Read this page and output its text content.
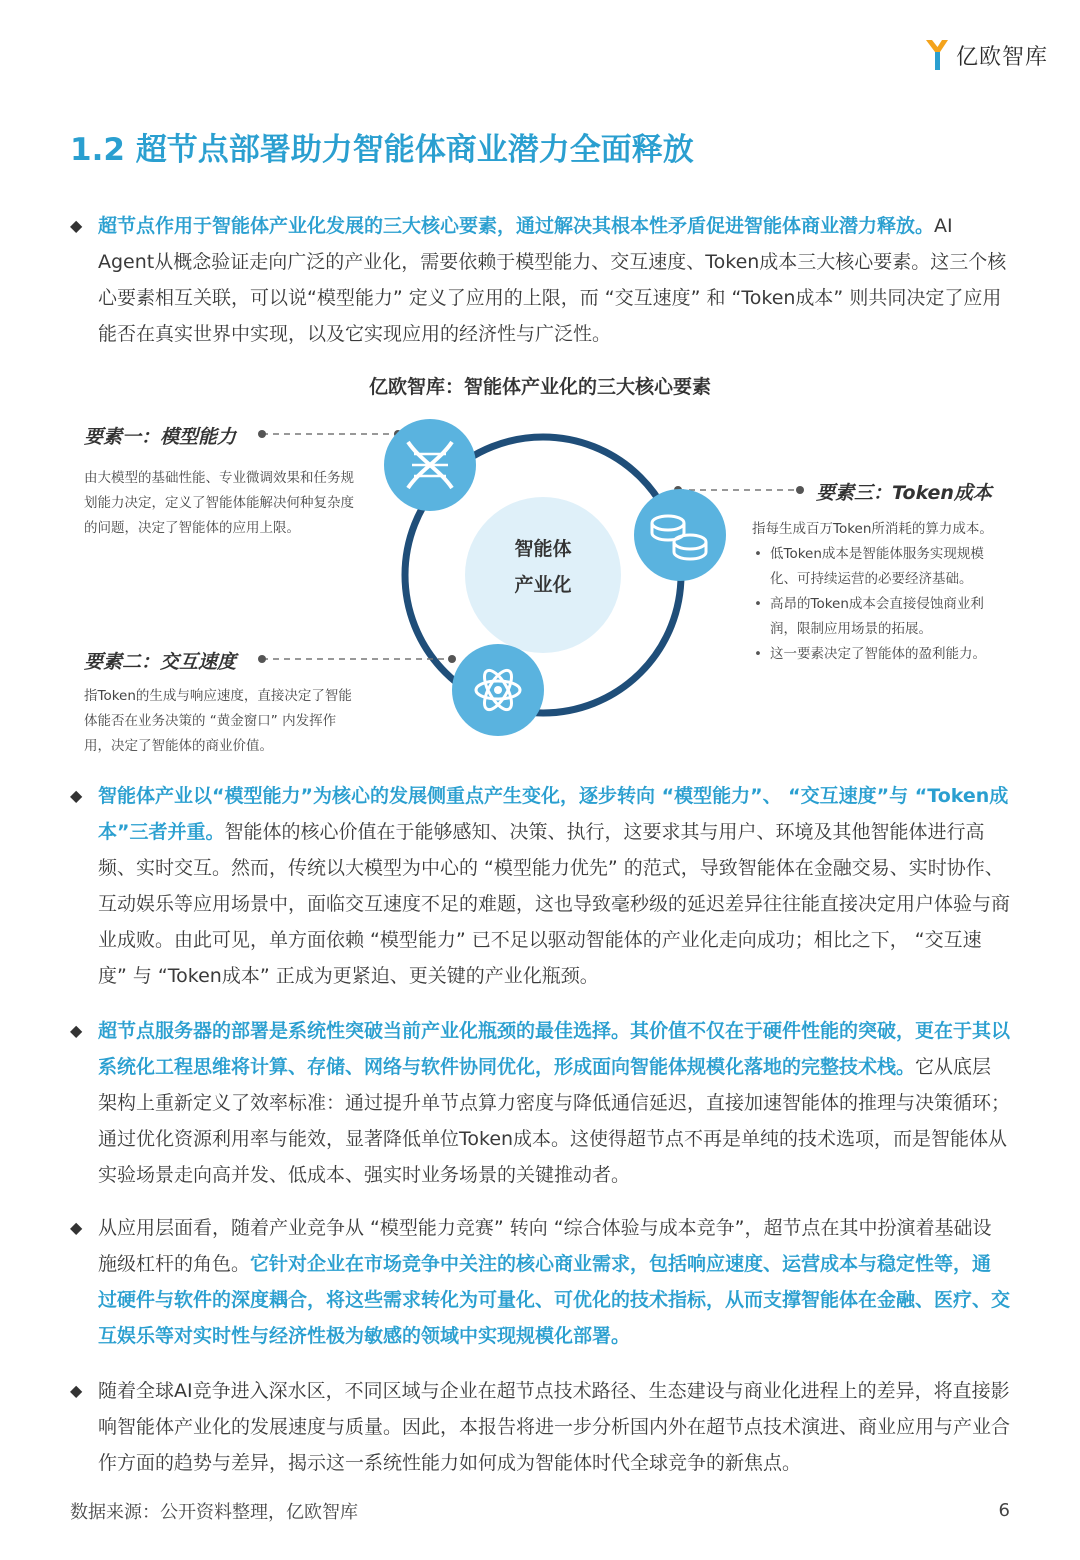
亿欧智库
1.2 超节点部署助力智能体商业潜力全面释放
◆ 超节点作用于智能体产业化发展的三大核心要素，通过解决其根本性矛盾促进智能体商业潜力释放。AI Agent从概念验证走向广泛的产业化，需要依赖于模型能力、交互速度、Token成本三大核心要素。这三个核心要素相互关联，可以说“模型能力” 定义了应用的上限，而 “交互速度” 和 “Token成本” 则共同决定了应用能否在真实世界中实现，以及它实现应用的经济性与广泛性。
亿欧智库：智能体产业化的三大核心要素
智能体
产业化
要素一：模型能力
由大模型的基础性能、专业微调效果和任务规划能力决定，定义了智能体能解决何种复杂度的问题，决定了智能体的应用上限。
要素三：Token成本
指每生成百万Token所消耗的算力成本。
• 低Token成本是智能体服务实现规模化、可持续运营的必要经济基础。
• 高昂的Token成本会直接侵蚀商业利润，限制应用场景的拓展。
• 这一要素决定了智能体的盈利能力。
要素二：交互速度
指Token的生成与响应速度，直接决定了智能体能否在业务决策的 “黄金窗口” 内发挥作用，决定了智能体的商业价值。
◆ 智能体产业以“模型能力”为核心的发展侧重点产生变化，逐步转向 “模型能力”、 “交互速度”与 “Token成本”三者并重。智能体的核心价值在于能够感知、决策、执行，这要求其与用户、环境及其他智能体进行高频、实时交互。然而，传统以大模型为中心的 “模型能力优先” 的范式，导致智能体在金融交易、实时协作、互动娱乐等应用场景中，面临交互速度不足的难题，这也导致毫秒级的延迟差异往往能直接决定用户体验与商业成败。由此可见，单方面依赖 “模型能力” 已不足以驱动智能体的产业化走向成功；相比之下， “交互速度” 与 “Token成本” 正成为更紧迫、更关键的产业化瓶颈。
◆ 超节点服务器的部署是系统性突破当前产业化瓶颈的最佳选择。其价值不仅在于硬件性能的突破，更在于其以系统化工程思维将计算、存储、网络与软件协同优化，形成面向智能体规模化落地的完整技术栈。它从底层架构上重新定义了效率标准：通过提升单节点算力密度与降低通信延迟，直接加速智能体的推理与决策循环；通过优化资源利用率与能效，显著降低单位Token成本。这使得超节点不再是单纯的技术选项，而是智能体从实验场景走向高并发、低成本、强实时业务场景的关键推动者。
◆ 从应用层面看，随着产业竞争从 “模型能力竞赛” 转向 “综合体验与成本竞争”，超节点在其中扮演着基础设施级杠杆的角色。它针对企业在市场竞争中关注的核心商业需求，包括响应速度、运营成本与稳定性等，通过硬件与软件的深度耦合，将这些需求转化为可量化、可优化的技术指标，从而支撑智能体在金融、医疗、交互娱乐等对实时性与经济性极为敏感的领域中实现规模化部署。
◆ 随着全球AI竞争进入深水区，不同区域与企业在超节点技术路径、生态建设与商业化进程上的差异，将直接影响智能体产业化的发展速度与质量。因此，本报告将进一步分析国内外在超节点技术演进、商业应用与产业合作方面的趋势与差异，揭示这一系统性能力如何成为智能体时代全球竞争的新焦点。
数据来源：公开资料整理，亿欧智库	6
